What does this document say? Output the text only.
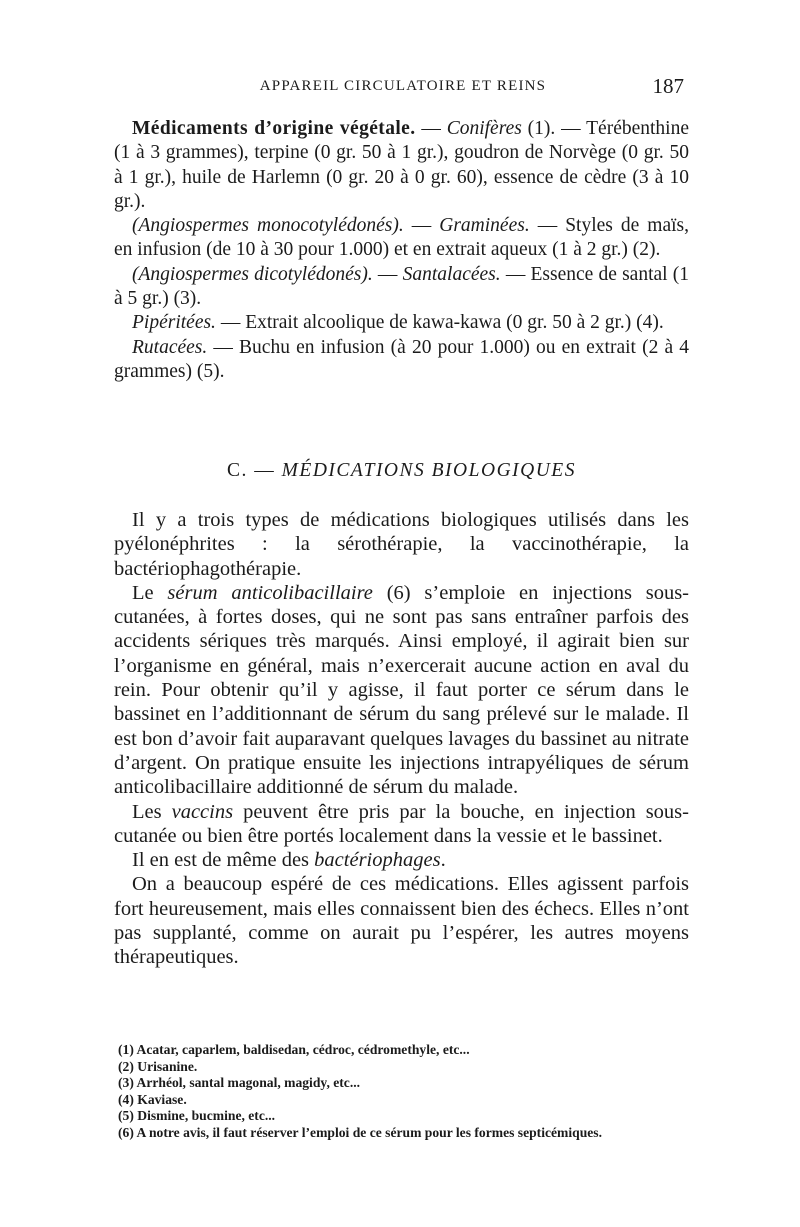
APPAREIL CIRCULATOIRE ET REINS	187

Médicaments d’origine végétale. — Conifères (1). — Térébenthine (1 à 3 grammes), terpine (0 gr. 50 à 1 gr.), goudron de Norvège (0 gr. 50 à 1 gr.), huile de Harlemn (0 gr. 20 à 0 gr. 60), essence de cèdre (3 à 10 gr.).

(Angiospermes monocotylédonés). — Graminées. — Styles de maïs, en infusion (de 10 à 30 pour 1.000) et en extrait aqueux (1 à 2 gr.) (2).

(Angiospermes dicotylédonés). — Santalacées. — Essence de santal (1 à 5 gr.) (3).

Pipéritées. — Extrait alcoolique de kawa-kawa (0 gr. 50 à 2 gr.) (4).

Rutacées. — Buchu en infusion (à 20 pour 1.000) ou en extrait (2 à 4 grammes) (5).

C. — MÉDICATIONS BIOLOGIQUES

Il y a trois types de médications biologiques utilisés dans les pyélonéphrites : la sérothérapie, la vaccinothérapie, la bactériophagothérapie.

Le sérum anticolibacillaire (6) s’emploie en injections sous-cutanées, à fortes doses, qui ne sont pas sans entraîner parfois des accidents sériques très marqués. Ainsi employé, il agirait bien sur l’organisme en général, mais n’exercerait aucune action en aval du rein. Pour obtenir qu’il y agisse, il faut porter ce sérum dans le bassinet en l’additionnant de sérum du sang prélevé sur le malade. Il est bon d’avoir fait auparavant quelques lavages du bassinet au nitrate d’argent. On pratique ensuite les injections intrapyéliques de sérum anticolibacillaire additionné de sérum du malade.

Les vaccins peuvent être pris par la bouche, en injection sous-cutanée ou bien être portés localement dans la vessie et le bassinet.

Il en est de même des bactériophages.

On a beaucoup espéré de ces médications. Elles agissent parfois fort heureusement, mais elles connaissent bien des échecs. Elles n’ont pas supplanté, comme on aurait pu l’espérer, les autres moyens thérapeutiques.

(1) Acatar, caparlem, baldisedan, cédroc, cédromethyle, etc...

(2) Urisanine.

(3) Arrhéol, santal magonal, magidy, etc...

(4) Kaviase.

(5) Dismine, bucmine, etc...

(6) A notre avis, il faut réserver l’emploi de ce sérum pour les formes septicémiques.
